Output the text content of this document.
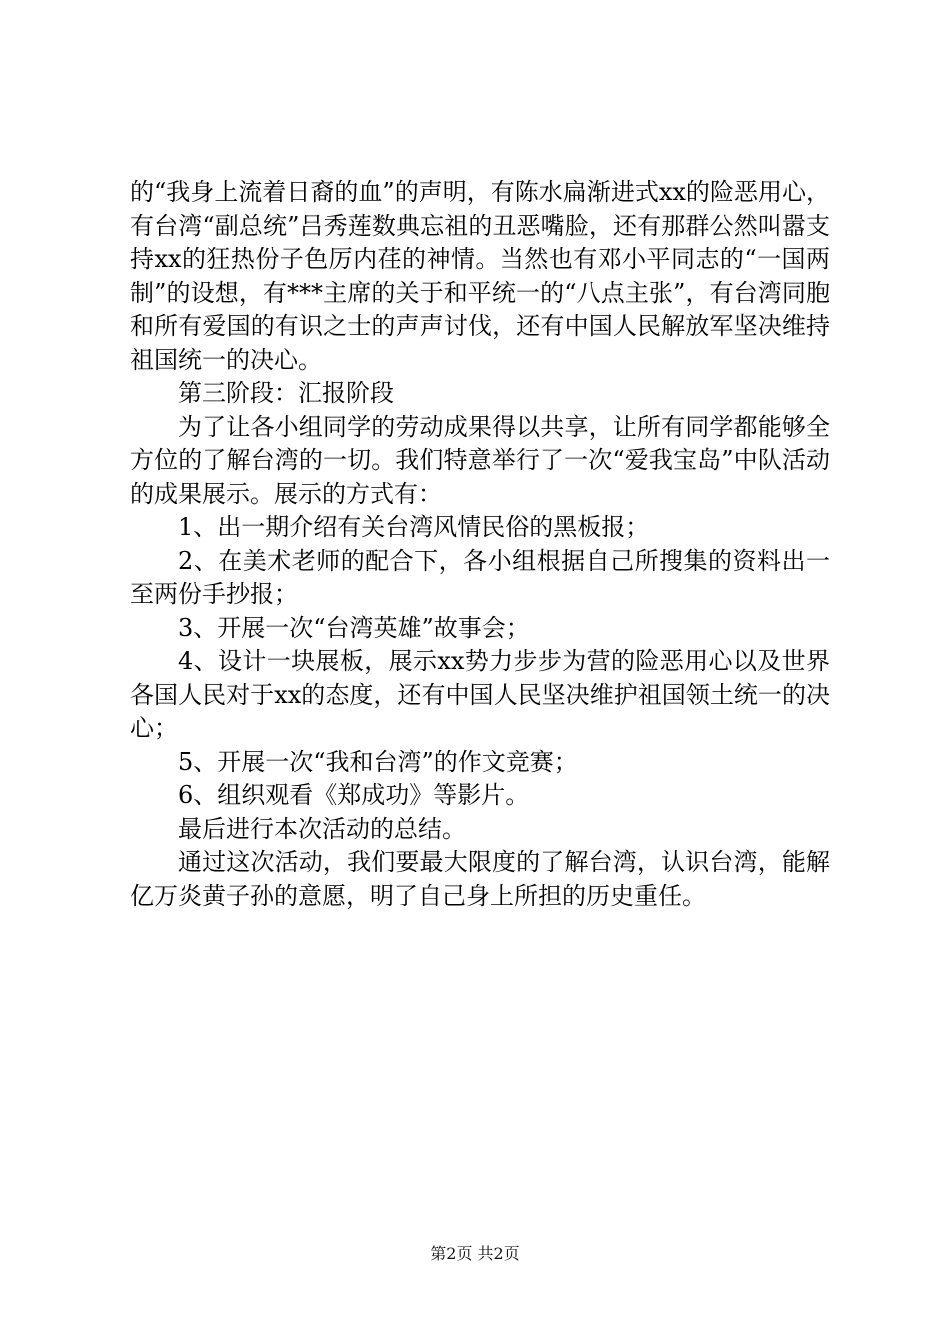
的“我身上流着日裔的血”的声明，有陈水扁渐进式xx的险恶用心，有台湾“副总统”吕秀莲数典忘祖的丑恶嘴脸，还有那群公然叫嚣支持xx的狂热份子色厉内荏的神情。当然也有邓小平同志的“一国两制”的设想，有***主席的关于和平统一的“八点主张”，有台湾同胞和所有爱国的有识之士的声声讨伐，还有中国人民解放军坚决维持祖国统一的决心。

第三阶段：汇报阶段

为了让各小组同学的劳动成果得以共享，让所有同学都能够全方位的了解台湾的一切。我们特意举行了一次“爱我宝岛”中队活动的成果展示。展示的方式有：

1、出一期介绍有关台湾风情民俗的黑板报；

2、在美术老师的配合下，各小组根据自己所搜集的资料出一至两份手抄报；

3、开展一次“台湾英雄”故事会；

4、设计一块展板，展示xx势力步步为营的险恶用心以及世界各国人民对于xx的态度，还有中国人民坚决维护祖国领土统一的决心；

5、开展一次“我和台湾”的作文竞赛；

6、组织观看《郑成功》等影片。

最后进行本次活动的总结。

通过这次活动，我们要最大限度的了解台湾，认识台湾，能解亿万炎黄子孙的意愿，明了自己身上所担的历史重任。

第2页 共2页
